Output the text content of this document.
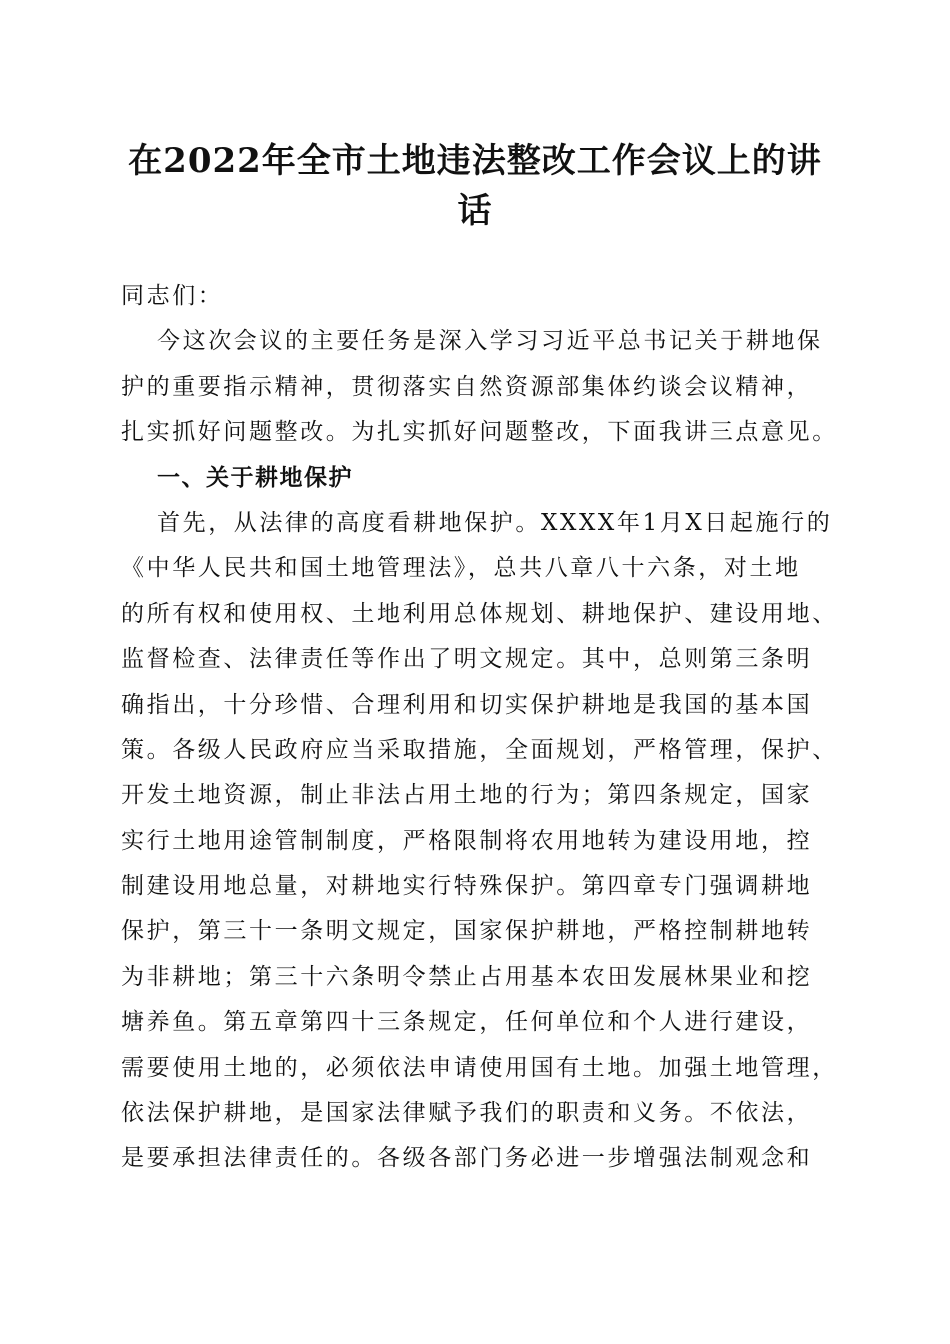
在2022年全市土地违法整改工作会议上的讲
话
同志们：
今这次会议的主要任务是深入学习习近平总书记关于耕地保
护的重要指示精神，贯彻落实自然资源部集体约谈会议精神，
扎实抓好问题整改。为扎实抓好问题整改，下面我讲三点意见。
一、关于耕地保护
首先，从法律的高度看耕地保护。XXXX年1月X日起施行的
《中华人民共和国土地管理法》，总共八章八十六条，对土地
的所有权和使用权、土地利用总体规划、耕地保护、建设用地、
监督检查、法律责任等作出了明文规定。其中，总则第三条明
确指出，十分珍惜、合理利用和切实保护耕地是我国的基本国
策。各级人民政府应当采取措施，全面规划，严格管理，保护、
开发土地资源，制止非法占用土地的行为；第四条规定，国家
实行土地用途管制制度，严格限制将农用地转为建设用地，控
制建设用地总量，对耕地实行特殊保护。第四章专门强调耕地
保护，第三十一条明文规定，国家保护耕地，严格控制耕地转
为非耕地；第三十六条明令禁止占用基本农田发展林果业和挖
塘养鱼。第五章第四十三条规定，任何单位和个人进行建设，
需要使用土地的，必须依法申请使用国有土地。加强土地管理，
依法保护耕地，是国家法律赋予我们的职责和义务。不依法，
是要承担法律责任的。各级各部门务必进一步增强法制观念和
